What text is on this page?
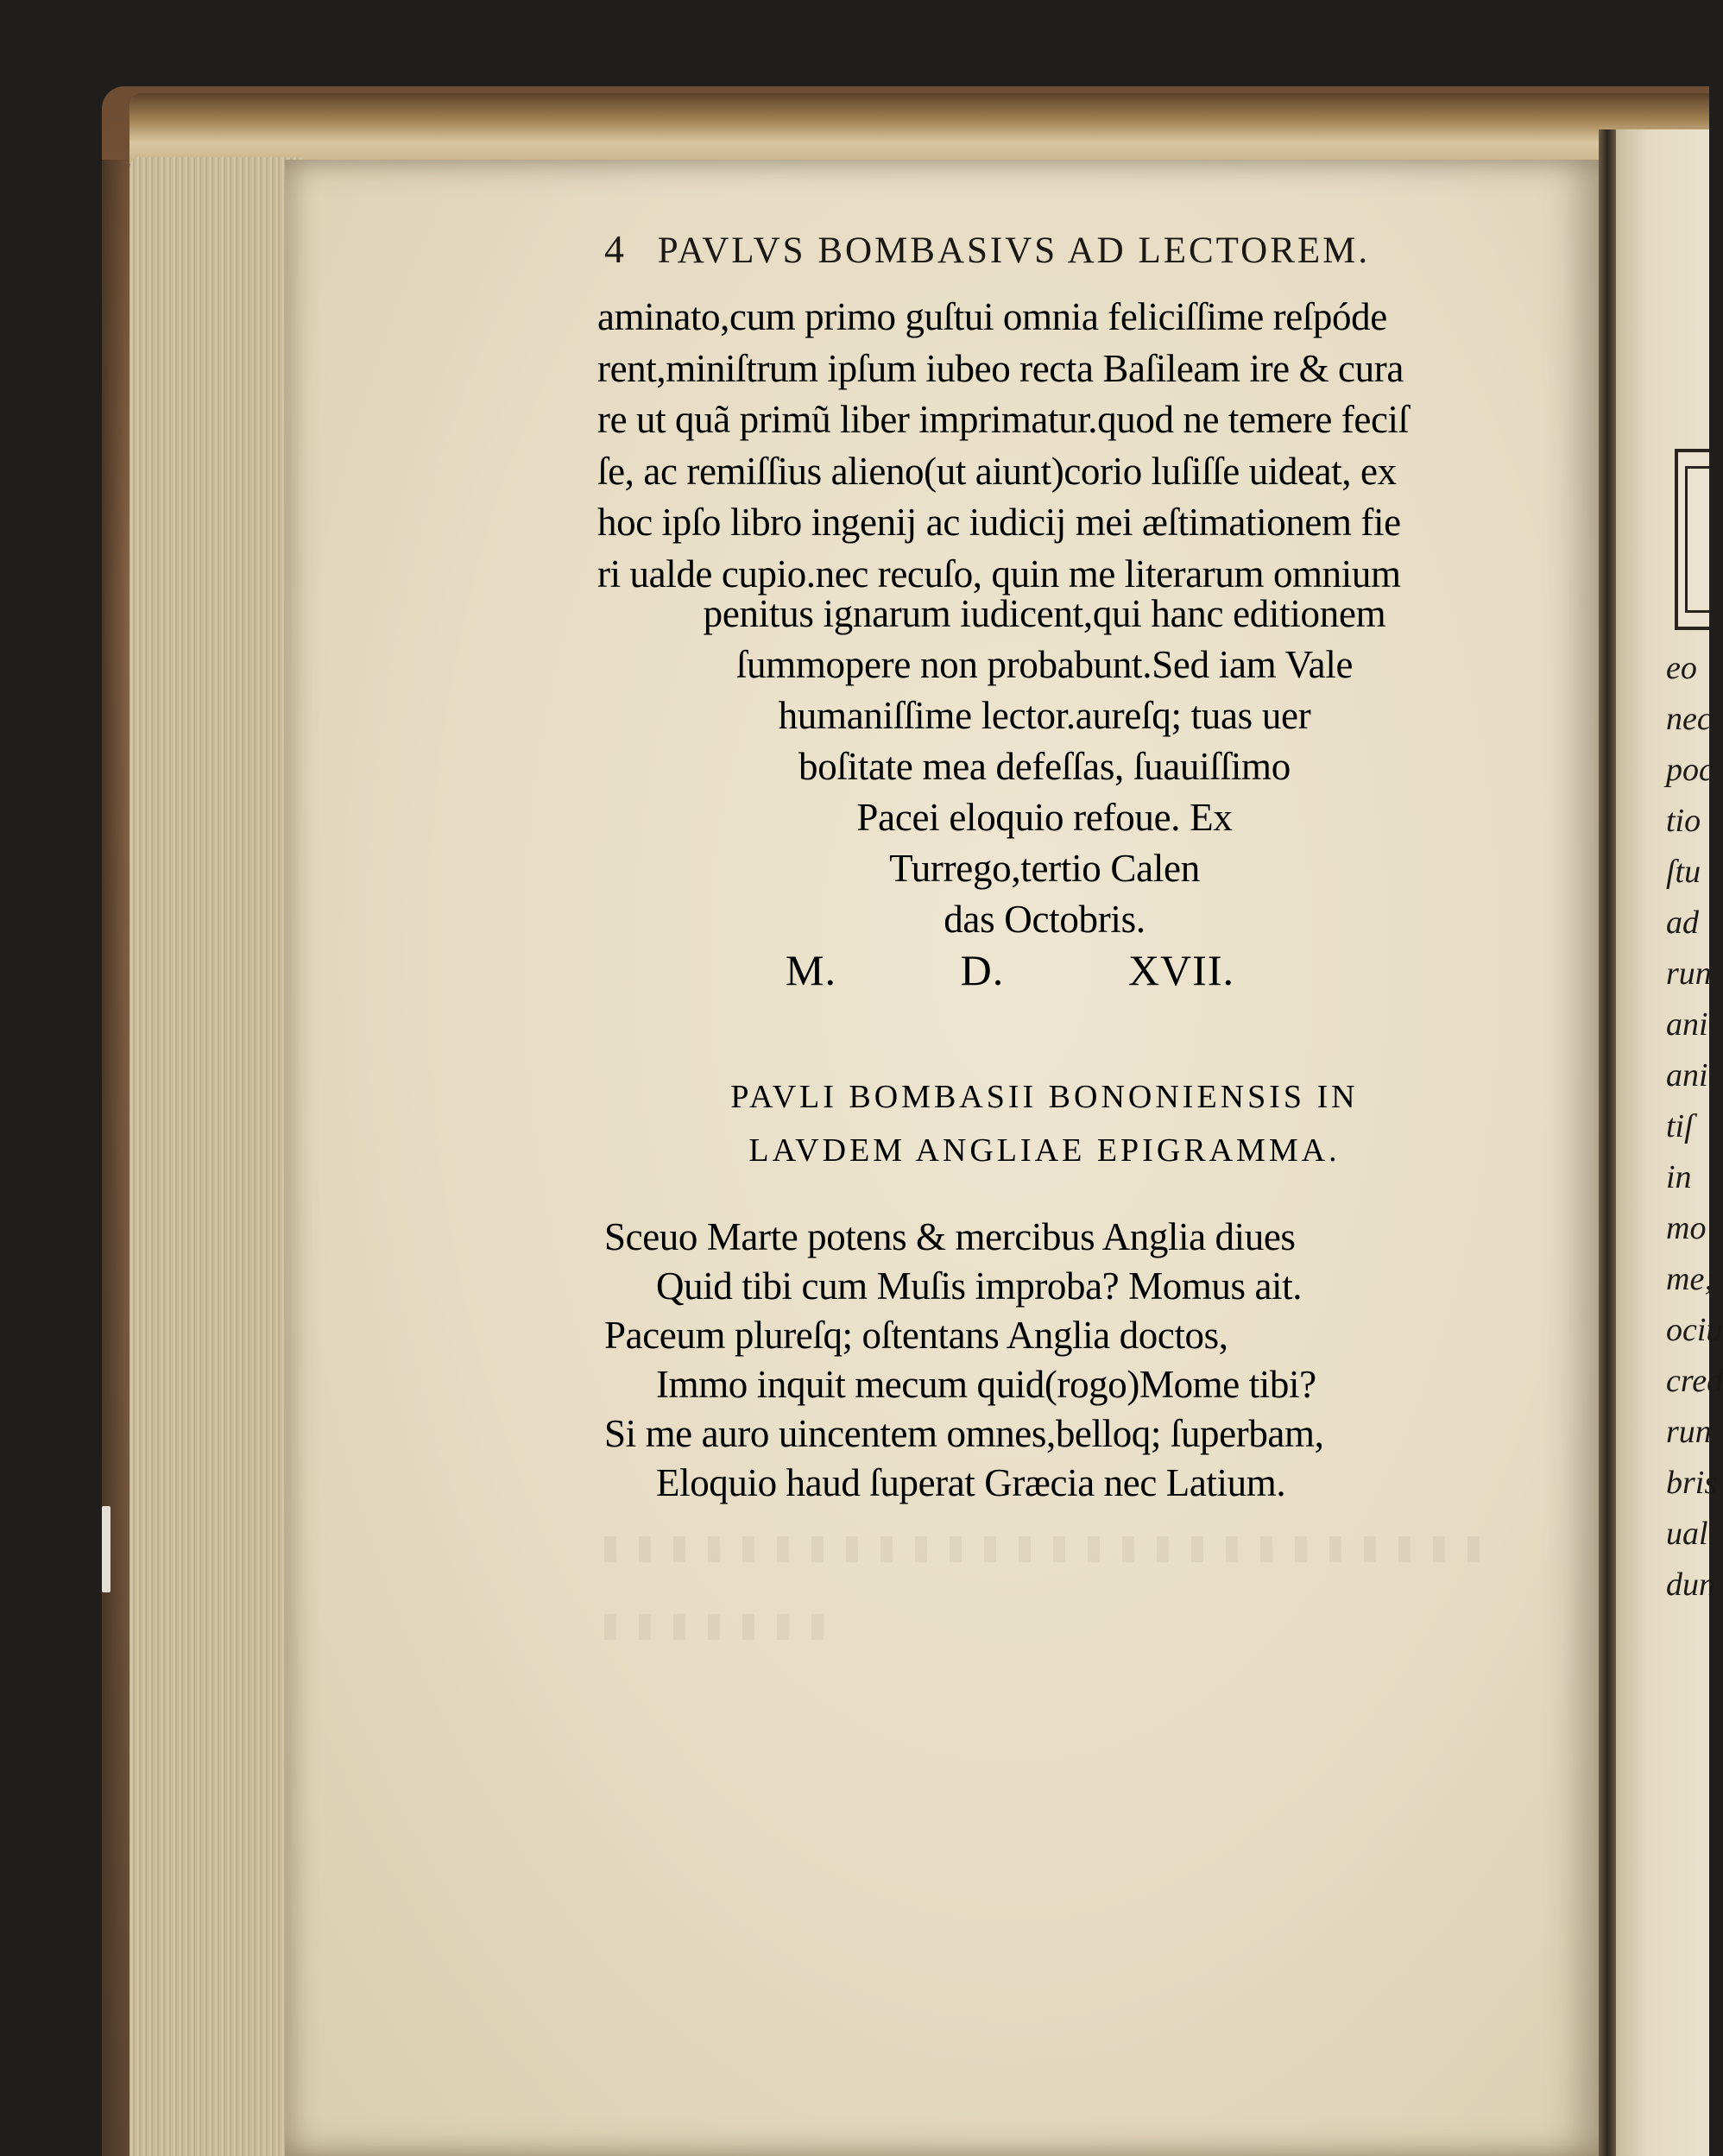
eo
nec
poc
tio
ſtu
ad
run
ani
ani
tiſ
in
mo
me;
ociu
cred
run
bris
ual
dun
4 PAVLVS BOMBASIVS AD LECTOREM.
aminato,cum primo guſtui omnia feliciſſime reſpóde
rent,miniſtrum ipſum iubeo recta Baſileam ire & cura
re ut quã primũ liber imprimatur.quod ne temere feciſ
ſe, ac remiſſius alieno(ut aiunt)corio luſiſſe uideat, ex
hoc ipſo libro ingenij ac iudicij mei æſtimationem fie
ri ualde cupio.nec recuſo, quin me literarum omnium
penitus ignarum iudicent,qui hanc editionem
ſummopere non probabunt.Sed iam Vale
humaniſſime lector.aureſq; tuas uer
boſitate mea defeſſas, ſuauiſſimo
Pacei eloquio refoue. Ex
Turrego,tertio Calen
das Octobris.
M.	D.	XVII.
PAVLI BOMBASII BONONIENSIS IN
LAVDEM ANGLIAE EPIGRAMMA.
Sceuo Marte potens & mercibus Anglia diues
Quid tibi cum Muſis improba? Momus ait.
Paceum plureſq; oſtentans Anglia doctos,
Immo inquit mecum quid(rogo)Mome tibi?
Si me auro uincentem omnes,belloq; ſuperbam,
Eloquio haud ſuperat Græcia nec Latium.
